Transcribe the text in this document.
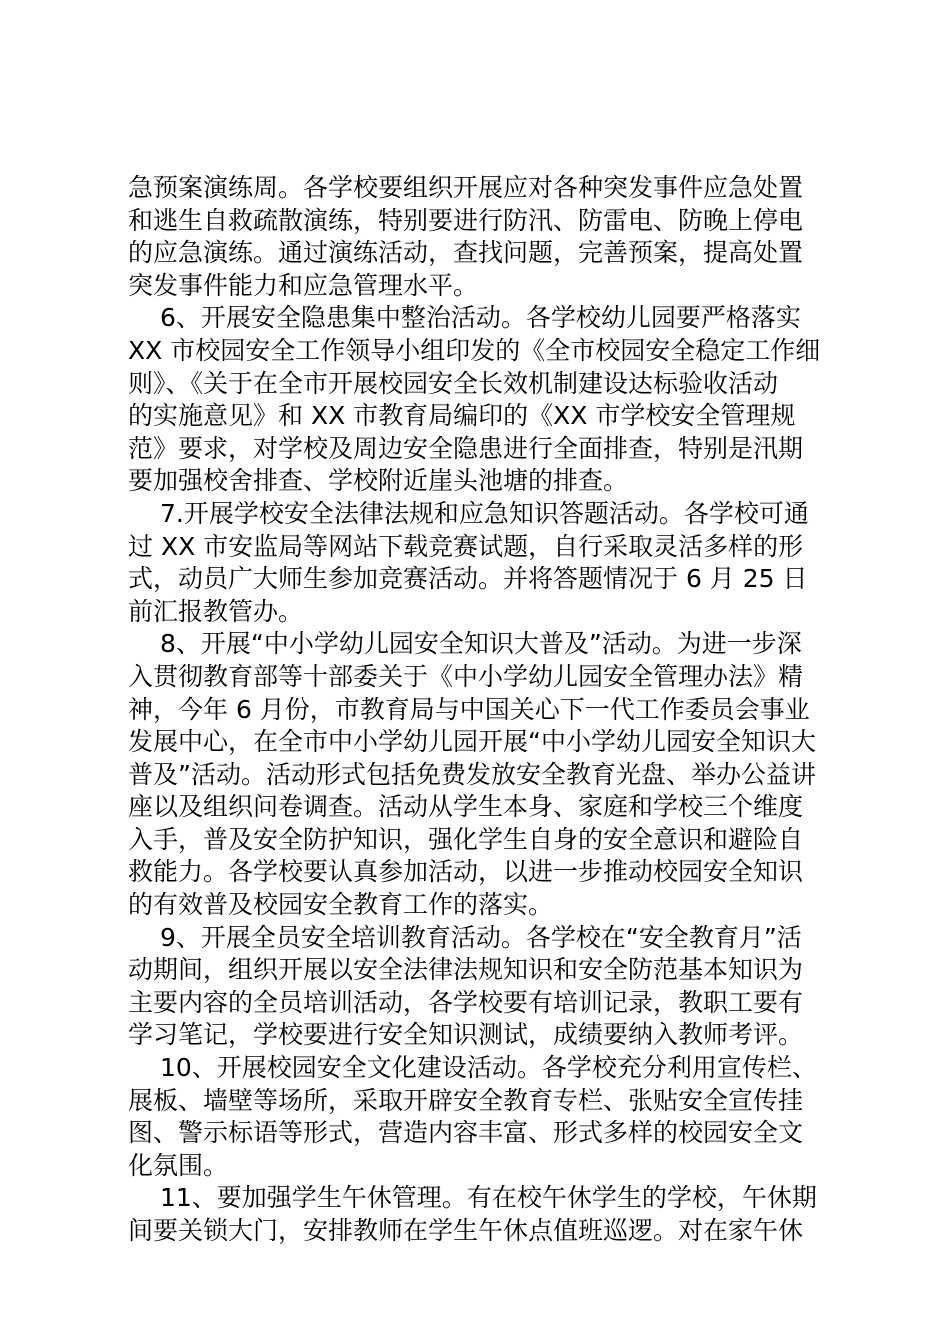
急预案演练周。各学校要组织开展应对各种突发事件应急处置
和逃生自救疏散演练，特别要进行防汛、防雷电、防晚上停电
的应急演练。通过演练活动，查找问题，完善预案，提高处置
突发事件能力和应急管理水平。
6、开展安全隐患集中整治活动。各学校幼儿园要严格落实
XX 市校园安全工作领导小组印发的《全市校园安全稳定工作细
则》、《关于在全市开展校园安全长效机制建设达标验收活动
的实施意见》和 XX 市教育局编印的《XX 市学校安全管理规
范》要求，对学校及周边安全隐患进行全面排查，特别是汛期
要加强校舍排查、学校附近崖头池塘的排查。
7.开展学校安全法律法规和应急知识答题活动。各学校可通
过 XX 市安监局等网站下载竞赛试题，自行采取灵活多样的形
式，动员广大师生参加竞赛活动。并将答题情况于 6 月 25 日
前汇报教管办。
8、开展“中小学幼儿园安全知识大普及”活动。为进一步深
入贯彻教育部等十部委关于《中小学幼儿园安全管理办法》精
神，今年 6 月份，市教育局与中国关心下一代工作委员会事业
发展中心，在全市中小学幼儿园开展“中小学幼儿园安全知识大
普及”活动。活动形式包括免费发放安全教育光盘、举办公益讲
座以及组织问卷调查。活动从学生本身、家庭和学校三个维度
入手，普及安全防护知识，强化学生自身的安全意识和避险自
救能力。各学校要认真参加活动，以进一步推动校园安全知识
的有效普及校园安全教育工作的落实。
9、开展全员安全培训教育活动。各学校在“安全教育月”活
动期间，组织开展以安全法律法规知识和安全防范基本知识为
主要内容的全员培训活动，各学校要有培训记录，教职工要有
学习笔记，学校要进行安全知识测试，成绩要纳入教师考评。
10、开展校园安全文化建设活动。各学校充分利用宣传栏、
展板、墙壁等场所，采取开辟安全教育专栏、张贴安全宣传挂
图、警示标语等形式，营造内容丰富、形式多样的校园安全文
化氛围。
11、要加强学生午休管理。有在校午休学生的学校，午休期
间要关锁大门，安排教师在学生午休点值班巡逻。对在家午休
